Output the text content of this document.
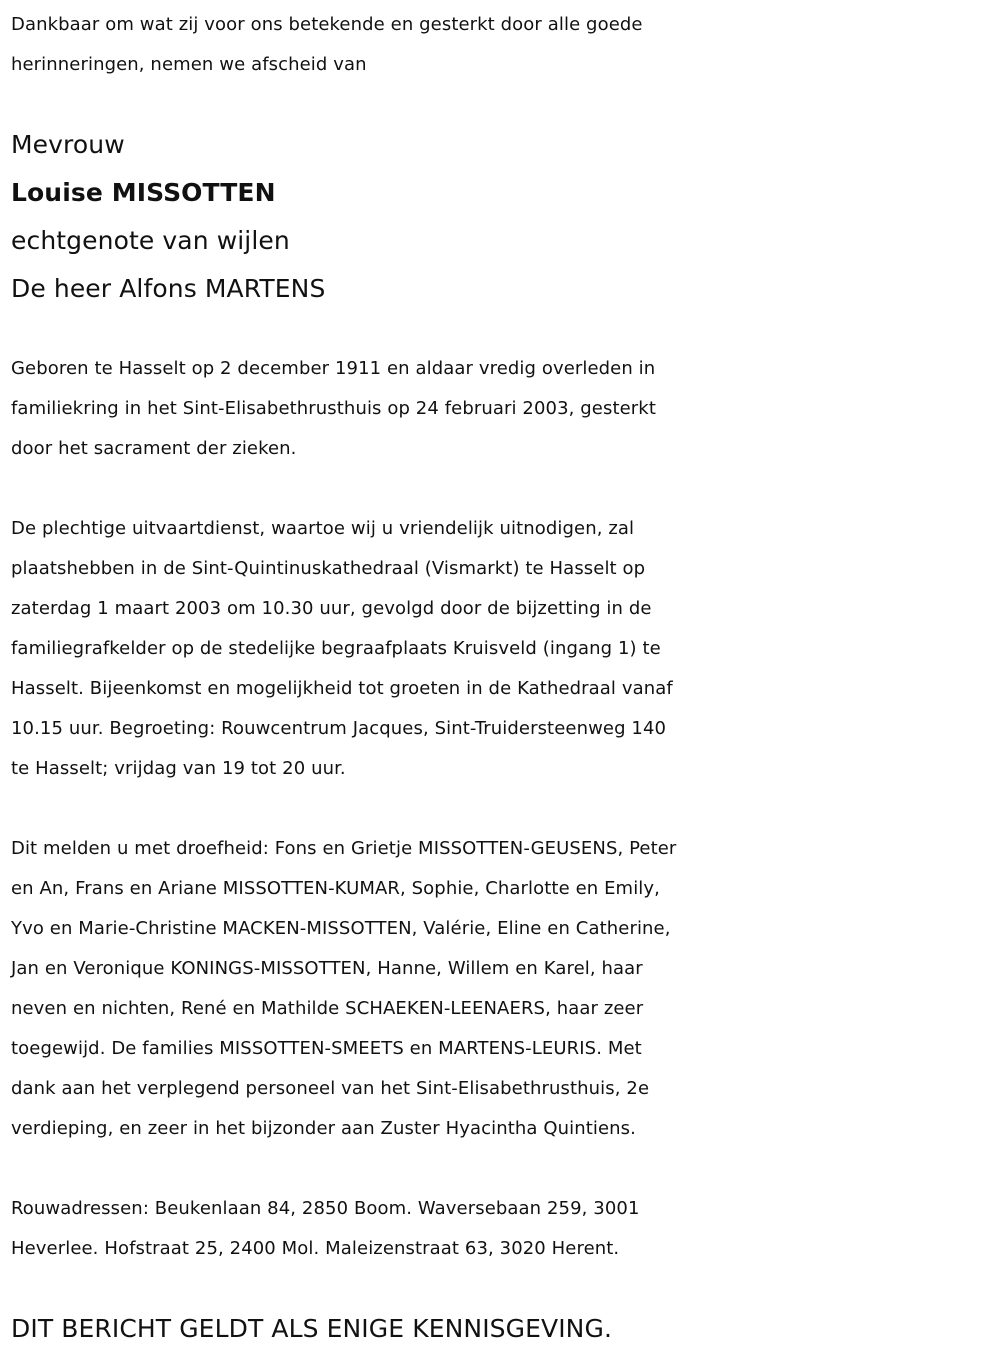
Dankbaar om wat zij voor ons betekende en gesterkt door alle goede
herinneringen, nemen we afscheid van

Mevrouw

Louise MISSOTTEN

echtgenote van wijlen

De heer Alfons MARTENS

Geboren te Hasselt op 2 december 1911 en aldaar vredig overleden in
familiekring in het Sint-Elisabethrusthuis op 24 februari 2003, gesterkt
door het sacrament der zieken.

De plechtige uitvaartdienst, waartoe wij u vriendelijk uitnodigen, zal
plaatshebben in de Sint-Quintinuskathedraal (Vismarkt) te Hasselt op
zaterdag 1 maart 2003 om 10.30 uur, gevolgd door de bijzetting in de
familiegrafkelder op de stedelijke begraafplaats Kruisveld (ingang 1) te
Hasselt. Bijeenkomst en mogelijkheid tot groeten in de Kathedraal vanaf
10.15 uur. Begroeting: Rouwcentrum Jacques, Sint-Truidersteenweg 140
te Hasselt; vrijdag van 19 tot 20 uur.

Dit melden u met droefheid: Fons en Grietje MISSOTTEN-GEUSENS, Peter
en An, Frans en Ariane MISSOTTEN-KUMAR, Sophie, Charlotte en Emily,
Yvo en Marie-Christine MACKEN-MISSOTTEN, Valérie, Eline en Catherine,
Jan en Veronique KONINGS-MISSOTTEN, Hanne, Willem en Karel, haar
neven en nichten, René en Mathilde SCHAEKEN-LEENAERS, haar zeer
toegewijd. De families MISSOTTEN-SMEETS en MARTENS-LEURIS. Met
dank aan het verplegend personeel van het Sint-Elisabethrusthuis, 2e
verdieping, en zeer in het bijzonder aan Zuster Hyacintha Quintiens.

Rouwadressen: Beukenlaan 84, 2850 Boom. Waversebaan 259, 3001
Heverlee. Hofstraat 25, 2400 Mol. Maleizenstraat 63, 3020 Herent.

DIT BERICHT GELDT ALS ENIGE KENNISGEVING.
